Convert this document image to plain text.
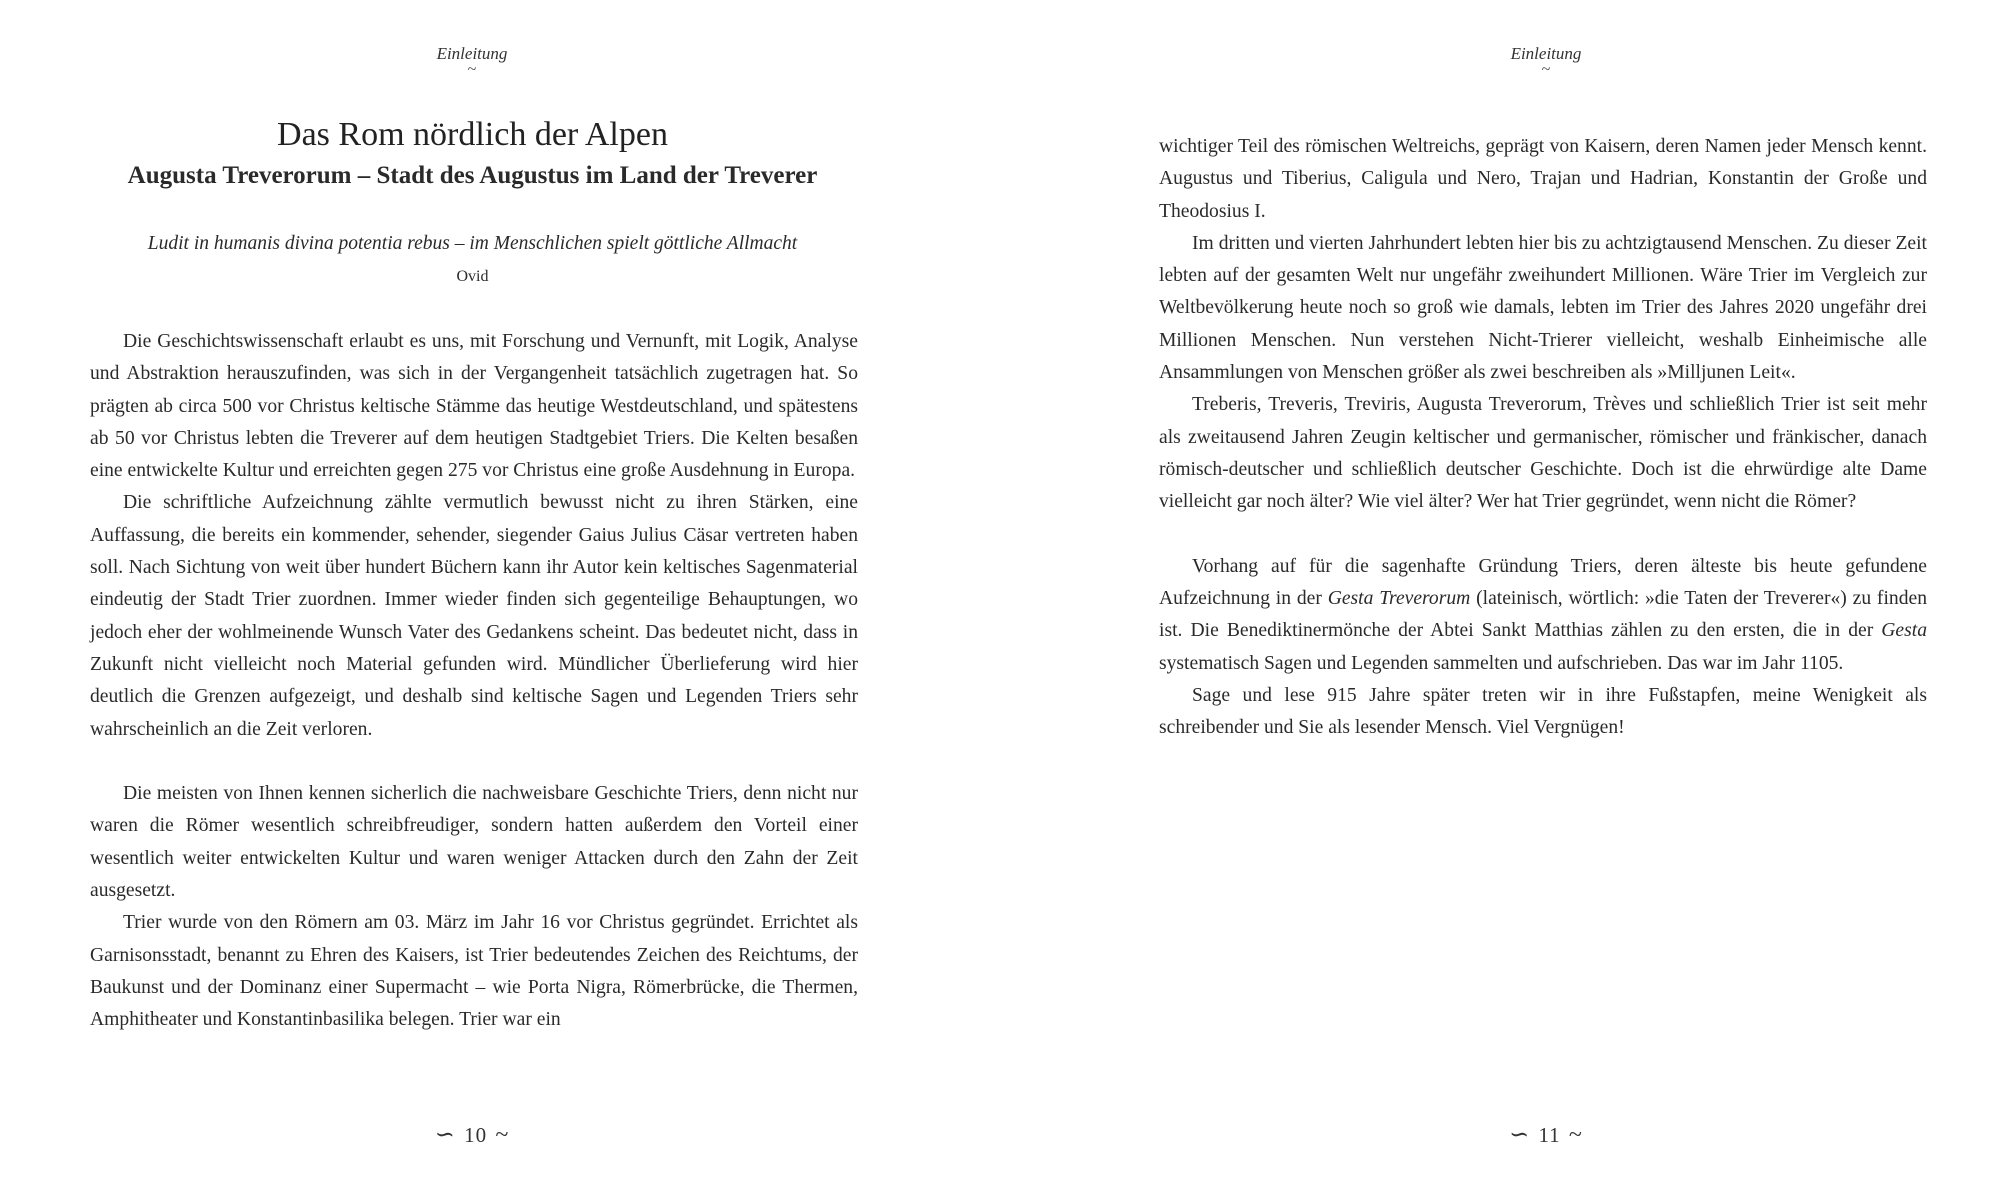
Einleitung
~
Das Rom nördlich der Alpen
Augusta Treverorum – Stadt des Augustus im Land der Treverer

Ludit in humanis divina potentia rebus – im Menschlichen spielt göttliche Allmacht

Ovid

Die Geschichtswissenschaft erlaubt es uns, mit Forschung und Vernunft, mit Logik, Analyse und Abstraktion herauszufinden, was sich in der Vergangenheit tatsächlich zugetragen hat. So prägten ab circa 500 vor Christus keltische Stämme das heutige Westdeutschland, und spätestens ab 50 vor Christus lebten die Treverer auf dem heutigen Stadtgebiet Triers. Die Kelten besaßen eine entwickelte Kultur und erreichten gegen 275 vor Christus eine große Ausdehnung in Europa.

Die schriftliche Aufzeichnung zählte vermutlich bewusst nicht zu ihren Stärken, eine Auffassung, die bereits ein kommender, sehender, siegender Gaius Julius Cäsar vertreten haben soll. Nach Sichtung von weit über hundert Büchern kann ihr Autor kein keltisches Sagenmaterial eindeutig der Stadt Trier zuordnen. Immer wieder finden sich gegenteilige Behauptungen, wo jedoch eher der wohlmeinende Wunsch Vater des Gedankens scheint. Das bedeutet nicht, dass in Zukunft nicht vielleicht noch Material gefunden wird. Mündlicher Überlieferung wird hier deutlich die Grenzen aufgezeigt, und deshalb sind keltische Sagen und Legenden Triers sehr wahrscheinlich an die Zeit verloren.

Die meisten von Ihnen kennen sicherlich die nachweisbare Geschichte Triers, denn nicht nur waren die Römer wesentlich schreibfreudiger, sondern hatten außerdem den Vorteil einer wesentlich weiter entwickelten Kultur und waren weniger Attacken durch den Zahn der Zeit ausgesetzt.

Trier wurde von den Römern am 03. März im Jahr 16 vor Christus gegründet. Errichtet als Garnisonsstadt, benannt zu Ehren des Kaisers, ist Trier bedeutendes Zeichen des Reichtums, der Baukunst und der Dominanz einer Supermacht – wie Porta Nigra, Römerbrücke, die Thermen, Amphitheater und Konstantinbasilika belegen. Trier war ein

∽ 10 ~
Einleitung
~

wichtiger Teil des römischen Weltreichs, geprägt von Kaisern, deren Namen jeder Mensch kennt. Augustus und Tiberius, Caligula und Nero, Trajan und Hadrian, Konstantin der Große und Theodosius I.

Im dritten und vierten Jahrhundert lebten hier bis zu achtzigtausend Menschen. Zu dieser Zeit lebten auf der gesamten Welt nur ungefähr zweihundert Millionen. Wäre Trier im Vergleich zur Weltbevölkerung heute noch so groß wie damals, lebten im Trier des Jahres 2020 ungefähr drei Millionen Menschen. Nun verstehen Nicht-Trierer vielleicht, weshalb Einheimische alle Ansammlungen von Menschen größer als zwei beschreiben als »Milljunen Leit«.

Treberis, Treveris, Treviris, Augusta Treverorum, Trèves und schließlich Trier ist seit mehr als zweitausend Jahren Zeugin keltischer und germanischer, römischer und fränkischer, danach römisch-deutscher und schließlich deutscher Geschichte. Doch ist die ehrwürdige alte Dame vielleicht gar noch älter? Wie viel älter? Wer hat Trier gegründet, wenn nicht die Römer?

Vorhang auf für die sagenhafte Gründung Triers, deren älteste bis heute gefundene Aufzeichnung in der Gesta Treverorum (lateinisch, wörtlich: »die Taten der Treverer«) zu finden ist. Die Benediktinermönche der Abtei Sankt Matthias zählen zu den ersten, die in der Gesta systematisch Sagen und Legenden sammelten und aufschrieben. Das war im Jahr 1105.

Sage und lese 915 Jahre später treten wir in ihre Fußstapfen, meine Wenigkeit als schreibender und Sie als lesender Mensch. Viel Vergnügen!

∽ 11 ~
